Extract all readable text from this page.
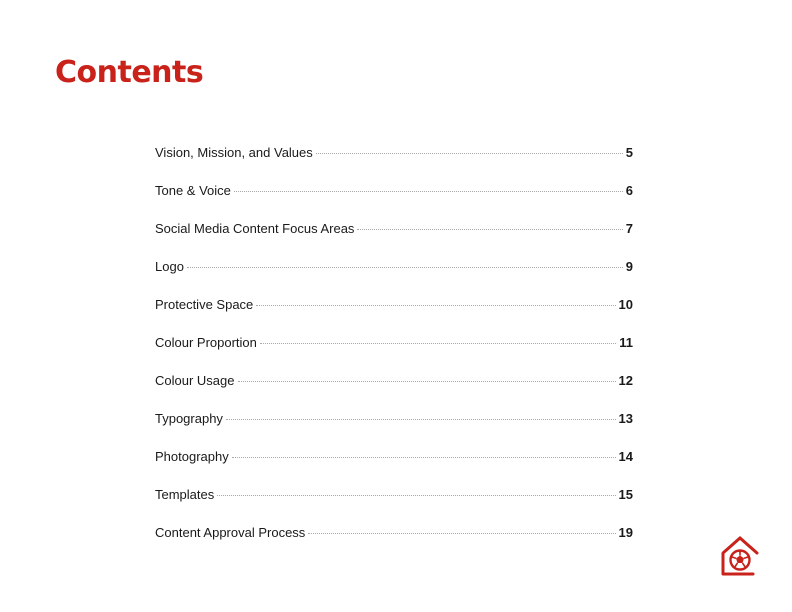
Contents
Vision, Mission, and Values	5
Tone & Voice	6
Social Media Content Focus Areas	7
Logo	9
Protective Space	10
Colour Proportion	11
Colour Usage	12
Typography	13
Photography	14
Templates	15
Content Approval Process	19
